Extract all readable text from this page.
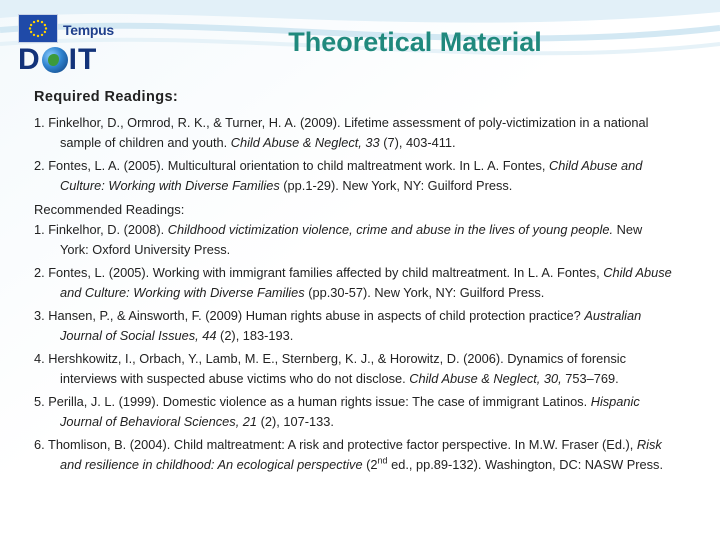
Tempus
D IT
Theoretical Material

Required Readings:

1. Finkelhor, D., Ormrod, R. K., & Turner, H. A. (2009). Lifetime assessment of poly-victimization in a national sample of children and youth. Child Abuse & Neglect, 33 (7), 403-411.
2. Fontes, L. A. (2005). Multicultural orientation to child maltreatment work. In L. A. Fontes, Child Abuse and Culture: Working with Diverse Families (pp.1-29). New York, NY: Guilford Press.

Recommended Readings:

1. Finkelhor, D. (2008). Childhood victimization violence, crime and abuse in the lives of young people. New York: Oxford University Press.
2. Fontes, L. (2005). Working with immigrant families affected by child maltreatment. In L. A. Fontes, Child Abuse and Culture: Working with Diverse Families (pp.30-57). New York, NY: Guilford Press.
3. Hansen, P., & Ainsworth, F. (2009) Human rights abuse in aspects of child protection practice? Australian Journal of Social Issues, 44 (2), 183-193.
4. Hershkowitz, I., Orbach, Y., Lamb, M. E., Sternberg, K. J., & Horowitz, D. (2006). Dynamics of forensic interviews with suspected abuse victims who do not disclose. Child Abuse & Neglect, 30, 753–769.
5. Perilla, J. L. (1999). Domestic violence as a human rights issue: The case of immigrant Latinos. Hispanic Journal of Behavioral Sciences, 21 (2), 107-133.
6. Thomlison, B. (2004). Child maltreatment: A risk and protective factor perspective. In M.W. Fraser (Ed.), Risk and resilience in childhood: An ecological perspective (2nd ed., pp.89-132). Washington, DC: NASW Press.
